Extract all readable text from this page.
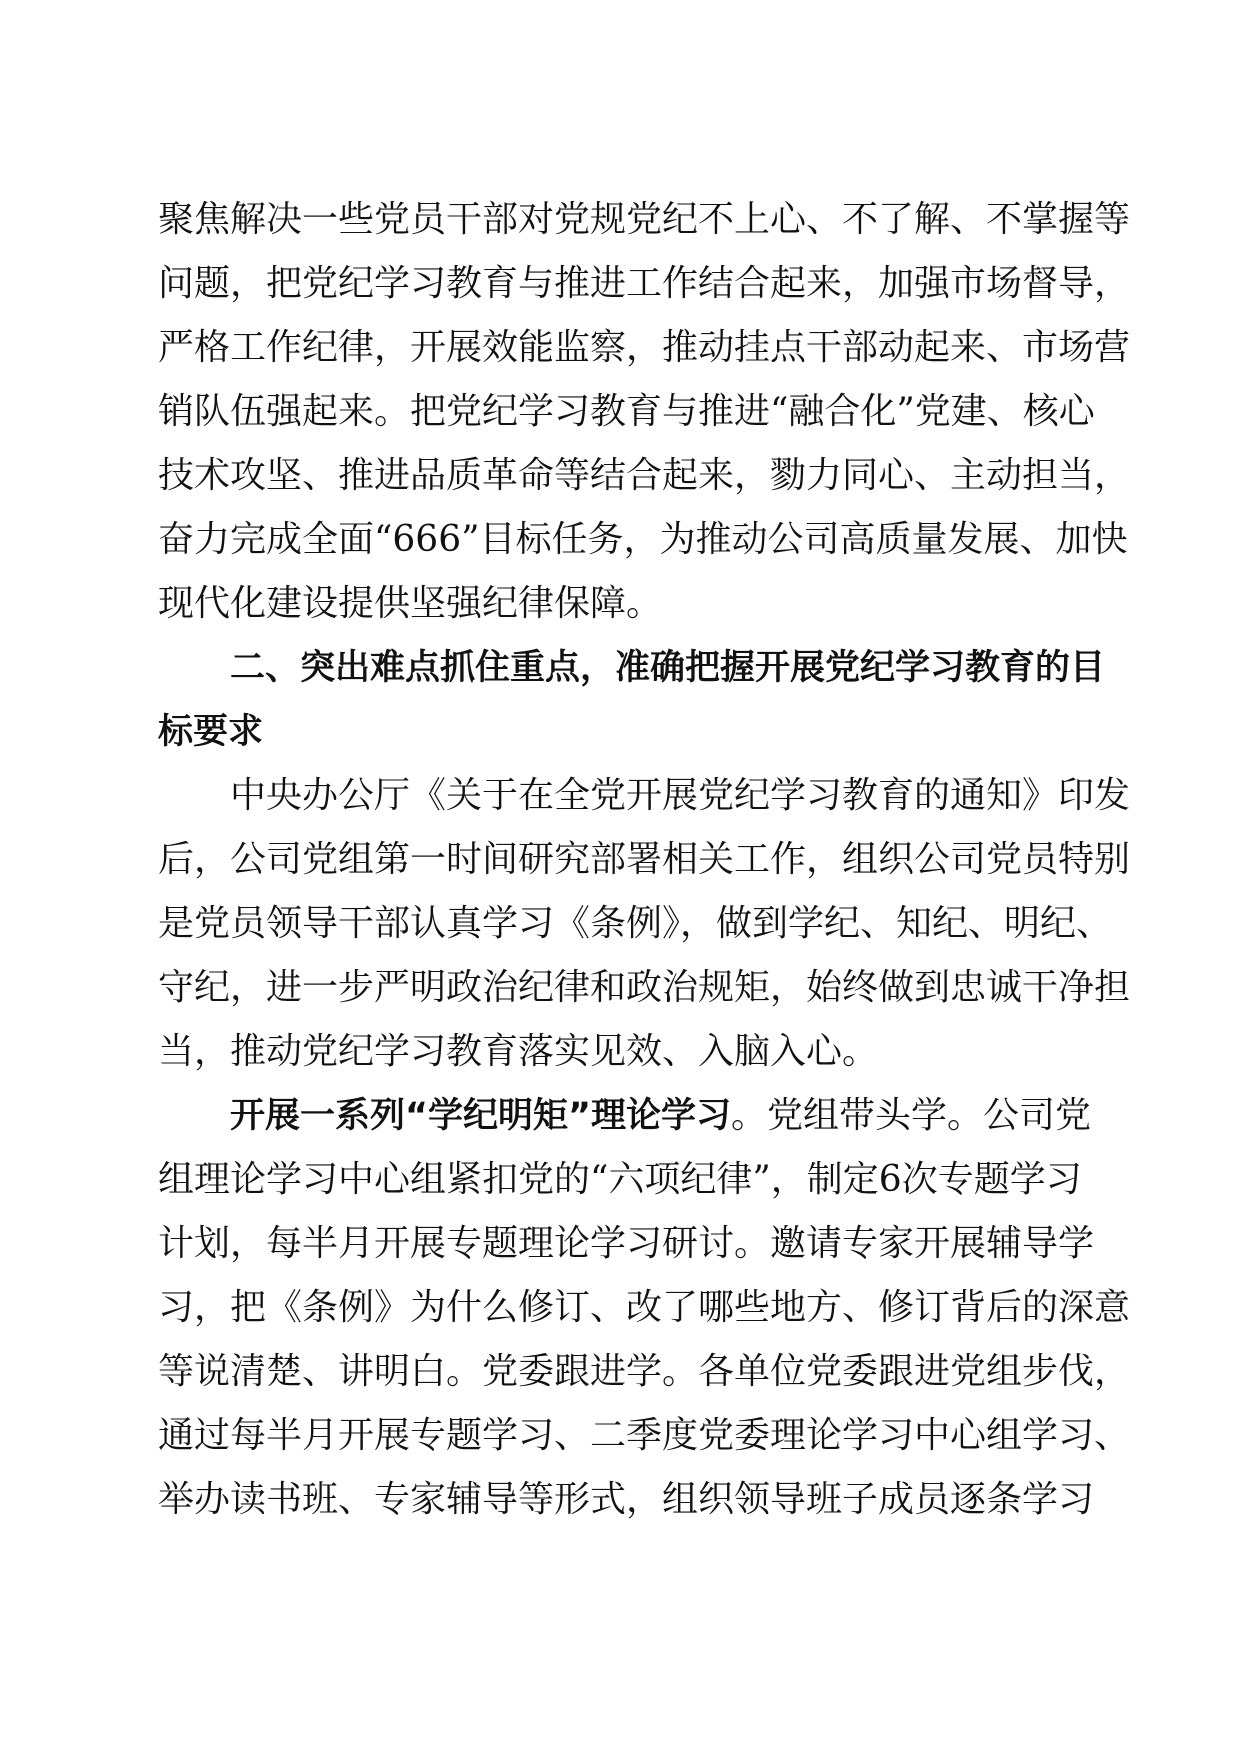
聚焦解决一些党员干部对党规党纪不上心、不了解、不掌握等
问题，把党纪学习教育与推进工作结合起来，加强市场督导，
严格工作纪律，开展效能监察，推动挂点干部动起来、市场营
销队伍强起来。把党纪学习教育与推进“融合化”党建、核心
技术攻坚、推进品质革命等结合起来，勠力同心、主动担当，
奋力完成全面“666”目标任务，为推动公司高质量发展、加快
现代化建设提供坚强纪律保障。
二、突出难点抓住重点，准确把握开展党纪学习教育的目
标要求
中央办公厅《关于在全党开展党纪学习教育的通知》印发
后，公司党组第一时间研究部署相关工作，组织公司党员特别
是党员领导干部认真学习《条例》，做到学纪、知纪、明纪、
守纪，进一步严明政治纪律和政治规矩，始终做到忠诚干净担
当，推动党纪学习教育落实见效、入脑入心。
开展一系列“学纪明矩”理论学习。党组带头学。公司党
组理论学习中心组紧扣党的“六项纪律”，制定6次专题学习
计划，每半月开展专题理论学习研讨。邀请专家开展辅导学
习，把《条例》为什么修订、改了哪些地方、修订背后的深意
等说清楚、讲明白。党委跟进学。各单位党委跟进党组步伐，
通过每半月开展专题学习、二季度党委理论学习中心组学习、
举办读书班、专家辅导等形式，组织领导班子成员逐条学习
